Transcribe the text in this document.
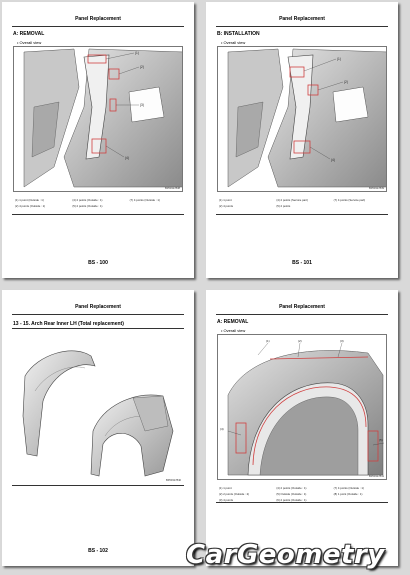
Panel Replacement
A: REMOVAL
• Overall view
(1)
(2)
(4)
(3)
BP00317838
(1) 1 point (Outside : 1)	(4) 2 points (Outside : 1)	(7) 4 points (Outside : 1)
(2) 4 points (Outside : 1)	(5) 2 points (Outside : 1)
BS - 100
Panel Replacement
B: INSTALLATION
• Overall view
(1)
(2)
(4)
BP00317839
(1) 1 point	(4) 2 points (Service part)	(7) 4 points (Service part)
(2) 4 points	(5) 2 points
BS - 101
Panel Replacement
13 - 15. Arch Rear Inner LH (Total replacement)
BP00317840
BS - 102
Panel Replacement
A: REMOVAL
• Overall view
(1)	(2)	(3)
(4)
(5)
BP00317841
(1) 1 point	(4) 2 points (Outside : 1)	(7) 4 points (Outside : 1)
(2) 2 points (Outside : 2)	(5) Outside (Outside : 1)	(8) 1 point (Outside : 1)
(3) 4 points	(6) 2 points (Outside : 1)
CarGeometry
